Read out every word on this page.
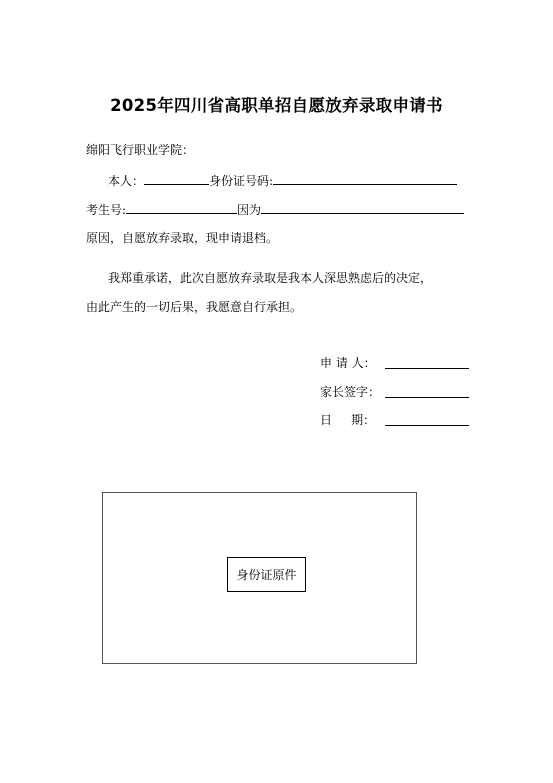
2025年四川省高职单招自愿放弃录取申请书
绵阳飞行职业学院：
本人：	身份证号码:
考生号:	因为
原因，自愿放弃录取，现申请退档。
我郑重承诺，此次自愿放弃录取是我本人深思熟虑后的决定，
由此产生的一切后果，我愿意自行承担。
申 请 人：
家长签字：
日     期：
身份证原件
